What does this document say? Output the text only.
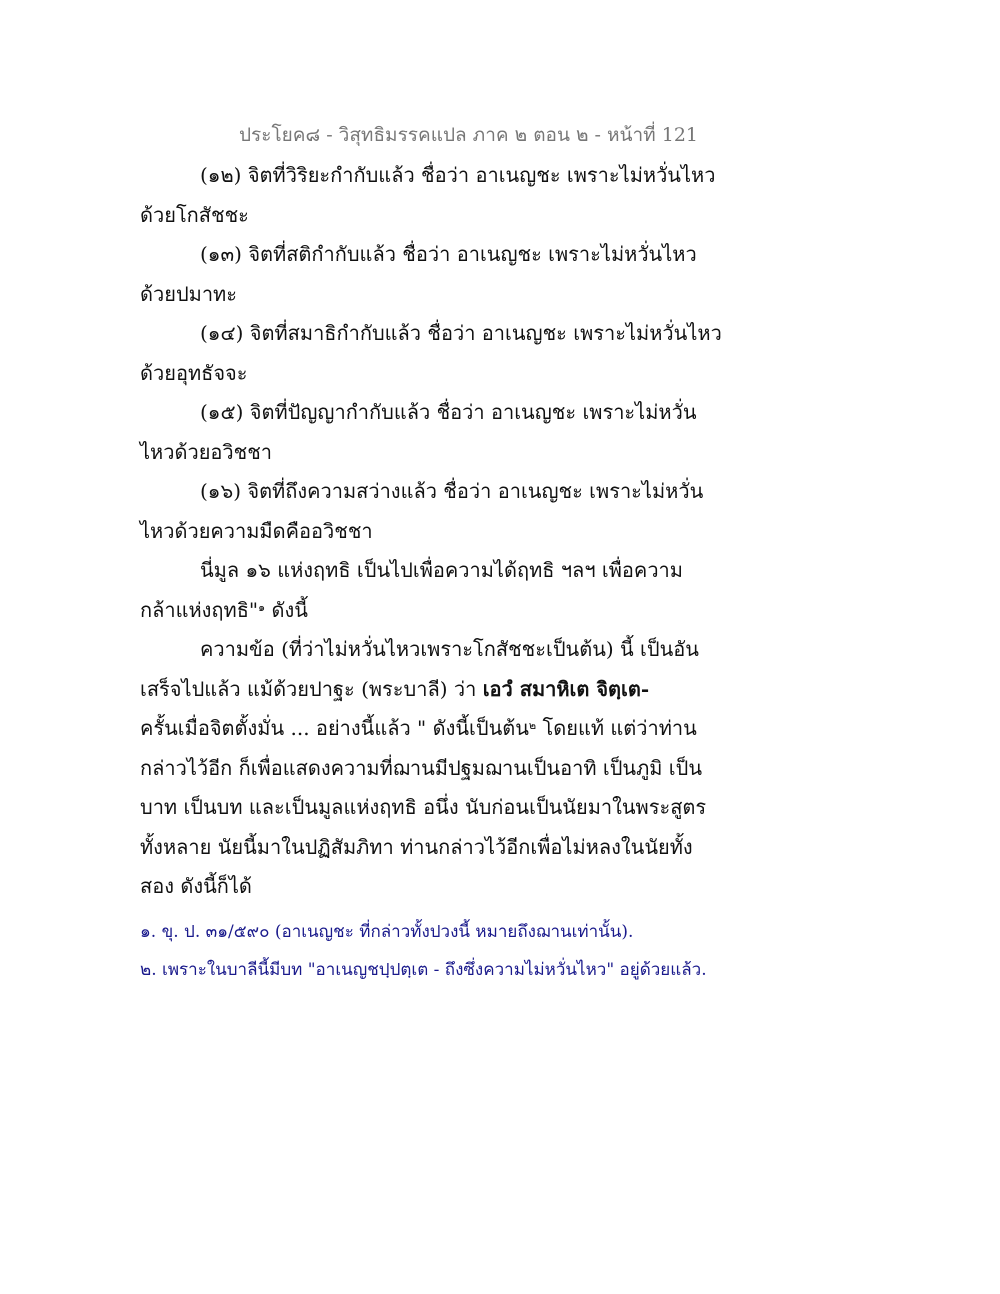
ประโยค๘ - วิสุทธิมรรคแปล ภาค ๒ ตอน ๒ - หน้าที่ 121

(๑๒) จิตที่วิริยะกำกับแล้ว ชื่อว่า อาเนญชะ เพราะไม่หวั่นไหว

ด้วยโกสัชชะ

(๑๓) จิตที่สติกำกับแล้ว ชื่อว่า อาเนญชะ เพราะไม่หวั่นไหว

ด้วยปมาทะ

(๑๔) จิตที่สมาธิกำกับแล้ว ชื่อว่า อาเนญชะ เพราะไม่หวั่นไหว

ด้วยอุทธัจจะ

(๑๕) จิตที่ปัญญากำกับแล้ว ชื่อว่า อาเนญชะ เพราะไม่หวั่น

ไหวด้วยอวิชชา

(๑๖) จิตที่ถึงความสว่างแล้ว ชื่อว่า อาเนญชะ เพราะไม่หวั่น

ไหวด้วยความมืดคืออวิชชา

นี่มูล ๑๖ แห่งฤทธิ เป็นไปเพื่อความได้ฤทธิ ฯลฯ เพื่อความ

กล้าแห่งฤทธิ"$^๑$ ดังนี้

ความข้อ (ที่ว่าไม่หวั่นไหวเพราะโกสัชชะเป็นต้น) นี้ เป็นอัน

เสร็จไปแล้ว แม้ด้วยปาฐะ (พระบาลี) ว่า เอวํ สมาหิเต จิตฺเต-

ครั้นเมื่อจิตตั้งมั่น ... อย่างนี้แล้ว " ดังนี้เป็นต้น$^๒$ โดยแท้ แต่ว่าท่าน

กล่าวไว้อีก ก็เพื่อแสดงความที่ฌานมีปฐมฌานเป็นอาทิ เป็นภูมิ เป็น

บาท เป็นบท และเป็นมูลแห่งฤทธิ อนึ่ง นับก่อนเป็นนัยมาในพระสูตร

ทั้งหลาย นัยนี้มาในปฏิสัมภิทา ท่านกล่าวไว้อีกเพื่อไม่หลงในนัยทั้ง

สอง ดังนี้ก็ได้

๑. ขุ. ป. ๓๑/๕๙๐ (อาเนญชะ ที่กล่าวทั้งปวงนี้ หมายถึงฌานเท่านั้น).

๒. เพราะในบาลีนี้มีบท "อาเนญชปฺปตฺเต - ถึงซึ่งความไม่หวั่นไหว" อยู่ด้วยแล้ว.
